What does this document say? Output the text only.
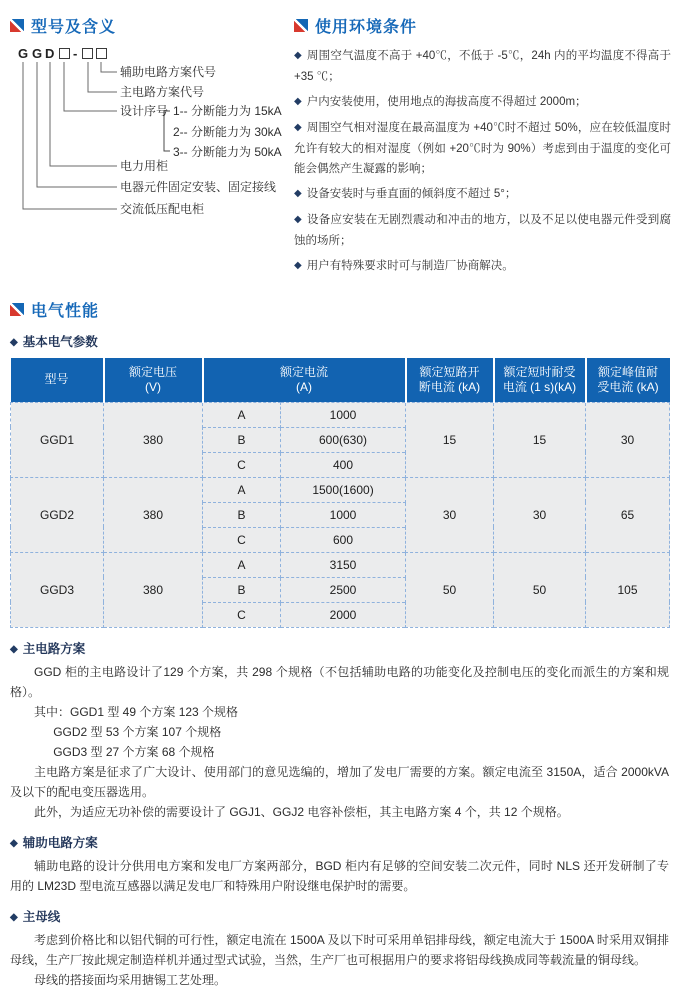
型号及含义
G G D -
辅助电路方案代号
主电路方案代号
设计序号 1-- 分断能力为 15kA
2-- 分断能力为 30kA
3-- 分断能力为 50kA
电力用柜
电器元件固定安装、固定接线
交流低压配电柜
使用环境条件

◆ 周围空气温度不高于 +40℃，不低于 -5℃，24h 内的平均温度不得高于 +35 ℃；

◆ 户内安装使用，使用地点的海拔高度不得超过 2000m；

◆ 周围空气相对湿度在最高温度为 +40℃时不超过 50%，应在较低温度时允许有较大的相对湿度（例如 +20℃时为 90%）考虑到由于温度的变化可能会偶然产生凝露的影响；

◆ 设备安装时与垂直面的倾斜度不超过 5°；

◆ 设备应安装在无剧烈震动和冲击的地方，以及不足以使电器元件受到腐蚀的场所；

◆ 用户有特殊要求时可与制造厂协商解决。

电气性能
◆ 基本电气参数
型号

额定电压
(V)

额定电流
(A)

额定短路开
断电流 (kA)

额定短时耐受
电流 (1 s)(kA)

额定峰值耐
受电流 (kA)

GGD1	380	A	1000	15	15	30
		B	600(630)			
		C	400			
GGD2	380	A	1500(1600)	30	30	65
		B	1000			
		C	600			
GGD3	380	A	3150	50	50	105
		B	2500			
		C	2000			
◆ 主电路方案

GGD 柜的主电路设计了129 个方案，共 298 个规格（不包括辅助电路的功能变化及控制电压的变化而派生的方案和规格）。

其中：GGD1 型 49 个方案 123 个规格

GGD2 型 53 个方案 107 个规格

GGD3 型 27 个方案 68 个规格

主电路方案是征求了广大设计、使用部门的意见选编的，增加了发电厂需要的方案。额定电流至 3150A，适合 2000kVA 及以下的配电变压器选用。

此外，为适应无功补偿的需要设计了 GGJ1、GGJ2 电容补偿柜，其主电路方案 4 个，共 12 个规格。

◆ 辅助电路方案

辅助电路的设计分供用电方案和发电厂方案两部分，BGD 柜内有足够的空间安装二次元件，同时 NLS 还开发研制了专用的 LM23D 型电流互感器以满足发电厂和特殊用户附设继电保护时的需要。

◆ 主母线

考虑到价格比和以铝代铜的可行性，额定电流在 1500A 及以下时可采用单铝排母线，额定电流大于 1500A 时采用双铜排母线，生产厂按此规定制造样机并通过型式试验，当然，生产厂也可根据用户的要求将铝母线换成同等载流量的铜母线。

母线的搭接面均采用搪锡工艺处理。
